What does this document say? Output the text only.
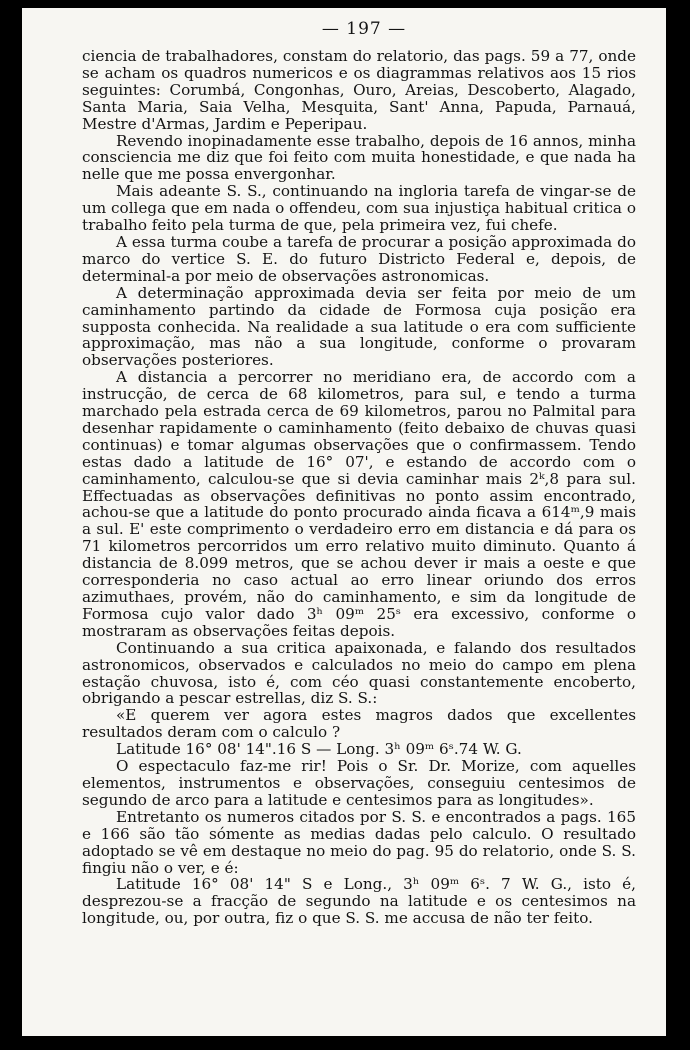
— 197 —

ciencia de trabalhadores, constam do relatorio, das pags. 59 a 77, onde se acham os quadros numericos e os diagrammas relativos aos 15 rios seguintes: Corumbá, Congonhas, Ouro, Areias, Descoberto, Alagado, Santa Maria, Saia Velha, Mesquita, Sant' Anna, Papuda, Parnauá, Mestre d'Armas, Jardim e Peperipau.

Revendo inopinadamente esse trabalho, depois de 16 annos, minha consciencia me diz que foi feito com muita honestidade, e que nada ha nelle que me possa envergonhar.

Mais adeante S. S., continuando na ingloria tarefa de vingar-se de um collega que em nada o offendeu, com sua injustiça habitual critica o trabalho feito pela turma de que, pela primeira vez, fui chefe.

A essa turma coube a tarefa de procurar a posição approximada do marco do vertice S. E. do futuro Districto Federal e, depois, de determinal-a por meio de observações astronomicas.

A determinação approximada devia ser feita por meio de um caminhamento partindo da cidade de Formosa cuja posição era supposta conhecida. Na realidade a sua latitude o era com sufficiente approximação, mas não a sua longitude, conforme o provaram observações posteriores.

A distancia a percorrer no meridiano era, de accordo com a instrucção, de cerca de 68 kilometros, para sul, e tendo a turma marchado pela estrada cerca de 69 kilometros, parou no Palmital para desenhar rapidamente o caminhamento (feito debaixo de chuvas quasi continuas) e tomar algumas observações que o confirmassem. Tendo estas dado a latitude de 16° 07', e estando de accordo com o caminhamento, calculou-se que si devia caminhar mais 2ᵏ,8 para sul. Effectuadas as observações definitivas no ponto assim encontrado, achou-se que a latitude do ponto procurado ainda ficava a 614ᵐ,9 mais a sul. E' este comprimento o verdadeiro erro em distancia e dá para os 71 kilometros percorridos um erro relativo muito diminuto. Quanto á distancia de 8.099 metros, que se achou dever ir mais a oeste e que corresponderia no caso actual ao erro linear oriundo dos erros azimuthaes, provém, não do caminhamento, e sim da longitude de Formosa cujo valor dado 3ʰ 09ᵐ 25ˢ era excessivo, conforme o mostraram as observações feitas depois.

Continuando a sua critica apaixonada, e falando dos resultados astronomicos, observados e calculados no meio do campo em plena estação chuvosa, isto é, com céo quasi constantemente encoberto, obrigando a pescar estrellas, diz S. S.:

«E querem ver agora estes magros dados que excellentes resultados deram com o calculo ?

Latitude 16° 08' 14".16 S — Long. 3ʰ 09ᵐ 6ˢ.74 W. G.

O espectaculo faz-me rir! Pois o Sr. Dr. Morize, com aquelles elementos, instrumentos e observações, conseguiu centesimos de segundo de arco para a latitude e centesimos para as longitudes».

Entretanto os numeros citados por S. S. e encontrados a pags. 165 e 166 são tão sómente as medias dadas pelo calculo. O resultado adoptado se vê em destaque no meio do pag. 95 do relatorio, onde S. S. fingiu não o ver, e é:

Latitude 16° 08' 14" S e Long., 3ʰ 09ᵐ 6ˢ. 7 W. G., isto é, desprezou-se a fracção de segundo na latitude e os centesimos na longitude, ou, por outra, fiz o que S. S. me accusa de não ter feito.
